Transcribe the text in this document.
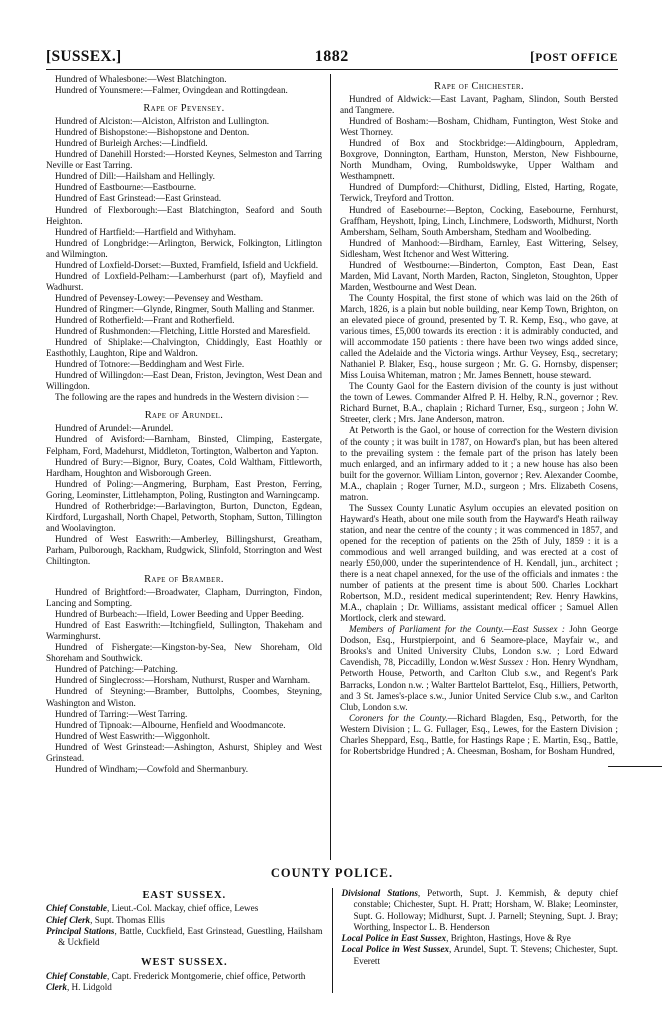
[SUSSEX.]	1882	[POST OFFICE

Hundred of Whalesbone:—West Blatchington.

Hundred of Younsmere:—Falmer, Ovingdean and Rottingdean.

Rape of Pevensey.

Hundred of Alciston:—Alciston, Alfriston and Lullington.

Hundred of Bishopstone:—Bishopstone and Denton.

Hundred of Burleigh Arches:—Lindfield.

Hundred of Danehill Horsted:—Horsted Keynes, Selmeston and Tarring Neville or East Tarring.

Hundred of Dill:—Hailsham and Hellingly.

Hundred of Eastbourne:—Eastbourne.

Hundred of East Grinstead:—East Grinstead.

Hundred of Flexborough:—East Blatchington, Seaford and South Heighton.

Hundred of Hartfield:—Hartfield and Withyham.

Hundred of Longbridge:—Arlington, Berwick, Folkington, Litlington and Wilmington.

Hundred of Loxfield-Dorset:—Buxted, Framfield, Isfield and Uckfield.

Hundred of Loxfield-Pelham:—Lamberhurst (part of), Mayfield and Wadhurst.

Hundred of Pevensey-Lowey:—Pevensey and Westham.

Hundred of Ringmer:—Glynde, Ringmer, South Malling and Stanmer.

Hundred of Rotherfield:—Frant and Rotherfield.

Hundred of Rushmonden:—Fletching, Little Horsted and Maresfield.

Hundred of Shiplake:—Chalvington, Chiddingly, East Hoathly or Easthothly, Laughton, Ripe and Waldron.

Hundred of Totnore:—Beddingham and West Firle.

Hundred of Willingdon:—East Dean, Friston, Jevington, West Dean and Willingdon.

The following are the rapes and hundreds in the Western division :—

Rape of Arundel.

Hundred of Arundel:—Arundel.

Hundred of Avisford:—Barnham, Binsted, Climping, Eastergate, Felpham, Ford, Madehurst, Middleton, Tortington, Walberton and Yapton.

Hundred of Bury:—Bignor, Bury, Coates, Cold Waltham, Fittleworth, Hardham, Houghton and Wisborough Green.

Hundred of Poling:—Angmering, Burpham, East Preston, Ferring, Goring, Leominster, Littlehampton, Poling, Rustington and Warningcamp.

Hundred of Rotherbridge:—Barlavington, Burton, Duncton, Egdean, Kirdford, Lurgashall, North Chapel, Petworth, Stopham, Sutton, Tillington and Woolavington.

Hundred of West Easwrith:—Amberley, Billingshurst, Greatham, Parham, Pulborough, Rackham, Rudgwick, Slinfold, Storrington and West Chiltington.

Rape of Bramber.

Hundred of Brightford:—Broadwater, Clapham, Durrington, Findon, Lancing and Sompting.

Hundred of Burbeach:—Ifield, Lower Beeding and Upper Beeding.

Hundred of East Easwrith:—Itchingfield, Sullington, Thakeham and Warminghurst.

Hundred of Fishergate:—Kingston-by-Sea, New Shoreham, Old Shoreham and Southwick.

Hundred of Patching:—Patching.

Hundred of Singlecross:—Horsham, Nuthurst, Rusper and Warnham.

Hundred of Steyning:—Bramber, Buttolphs, Coombes, Steyning, Washington and Wiston.

Hundred of Tarring:—West Tarring.

Hundred of Tipnoak:—Albourne, Henfield and Woodmancote.

Hundred of West Easwrith:—Wiggonholt.

Hundred of West Grinstead:—Ashington, Ashurst, Shipley and West Grinstead.

Hundred of Windham;—Cowfold and Shermanbury.

Rape of Chichester.

Hundred of Aldwick:—East Lavant, Pagham, Slindon, South Bersted and Tangmere.

Hundred of Bosham:—Bosham, Chidham, Funtington, West Stoke and West Thorney.

Hundred of Box and Stockbridge:—Aldingbourn, Appledram, Boxgrove, Donnington, Eartham, Hunston, Merston, New Fishbourne, North Mundham, Oving, Rumboldswyke, Upper Waltham and Westhampnett.

Hundred of Dumpford:—Chithurst, Didling, Elsted, Harting, Rogate, Terwick, Treyford and Trotton.

Hundred of Easebourne:—Bepton, Cocking, Easebourne, Fernhurst, Graffham, Heyshott, Iping, Linch, Linchmere, Lodsworth, Midhurst, North Ambersham, Selham, South Ambersham, Stedham and Woolbeding.

Hundred of Manhood:—Birdham, Earnley, East Wittering, Selsey, Sidlesham, West Itchenor and West Wittering.

Hundred of Westbourne:—Binderton, Compton, East Dean, East Marden, Mid Lavant, North Marden, Racton, Singleton, Stoughton, Upper Marden, Westbourne and West Dean.

The County Hospital, the first stone of which was laid on the 26th of March, 1826, is a plain but noble building, near Kemp Town, Brighton, on an elevated piece of ground, presented by T. R. Kemp, Esq., who gave, at various times, £5,000 towards its erection : it is admirably conducted, and will accommodate 150 patients : there have been two wings added since, called the Adelaide and the Victoria wings. Arthur Veysey, Esq., secretary; Nathaniel P. Blaker, Esq., house surgeon ; Mr. G. G. Hornsby, dispenser; Miss Louisa Whiteman, matron ; Mr. James Bennett, house steward.

The County Gaol for the Eastern division of the county is just without the town of Lewes. Commander Alfred P. H. Helby, R.N., governor ; Rev. Richard Burnet, B.A., chaplain ; Richard Turner, Esq., surgeon ; John W. Streeter, clerk ; Mrs. Jane Anderson, matron.

At Petworth is the Gaol, or house of correction for the Western division of the county ; it was built in 1787, on Howard's plan, but has been altered to the prevailing system : the female part of the prison has lately been much enlarged, and an infirmary added to it ; a new house has also been built for the governor. William Linton, governor ; Rev. Alexander Coombe, M.A., chaplain ; Roger Turner, M.D., surgeon ; Mrs. Elizabeth Cosens, matron.

The Sussex County Lunatic Asylum occupies an elevated position on Hayward's Heath, about one mile south from the Hayward's Heath railway station, and near the centre of the county ; it was commenced in 1857, and opened for the reception of patients on the 25th of July, 1859 : it is a commodious and well arranged building, and was erected at a cost of nearly £50,000, under the superintendence of H. Kendall, jun., architect ; there is a neat chapel annexed, for the use of the officials and inmates : the number of patients at the present time is about 500. Charles Lockhart Robertson, M.D., resident medical superintendent; Rev. Henry Hawkins, M.A., chaplain ; Dr. Williams, assistant medical officer ; Samuel Allen Mortlock, clerk and steward.

Members of Parliament for the County.—East Sussex : John George Dodson, Esq., Hurstpierpoint, and 6 Seamore-place, Mayfair w., and Brooks's and United University Clubs, London s.w. ; Lord Edward Cavendish, 78, Piccadilly, London w.West Sussex : Hon. Henry Wyndham, Petworth House, Petworth, and Carlton Club s.w., and Regent's Park Barracks, London n.w. ; Walter Barttelot Barttelot, Esq., Hilliers, Petworth, and 3 St. James's-place s.w., Junior United Service Club s.w., and Carlton Club, London s.w.

Coroners for the County.—Richard Blagden, Esq., Petworth, for the Western Division ; L. G. Fullager, Esq., Lewes, for the Eastern Division ; Charles Sheppard, Esq., Battle, for Hastings Rape ; E. Martin, Esq., Battle, for Robertsbridge Hundred ; A. Cheesman, Bosham, for Bosham Hundred,

COUNTY POLICE.
EAST SUSSEX.

Chief Constable, Lieut.-Col. Mackay, chief office, Lewes

Chief Clerk, Supt. Thomas Ellis

Principal Stations, Battle, Cuckfield, East Grinstead, Guestling, Hailsham & Uckfield

WEST SUSSEX.

Chief Constable, Capt. Frederick Montgomerie, chief office, Petworth

Clerk, H. Lidgold

Divisional Stations, Petworth, Supt. J. Kemmish, & deputy chief constable; Chichester, Supt. H. Pratt; Horsham, W. Blake; Leominster, Supt. G. Holloway; Midhurst, Supt. J. Parnell; Steyning, Supt. J. Bray; Worthing, Inspector L. B. Henderson

Local Police in East Sussex, Brighton, Hastings, Hove & Rye

Local Police in West Sussex, Arundel, Supt. T. Stevens; Chichester, Supt. Everett
